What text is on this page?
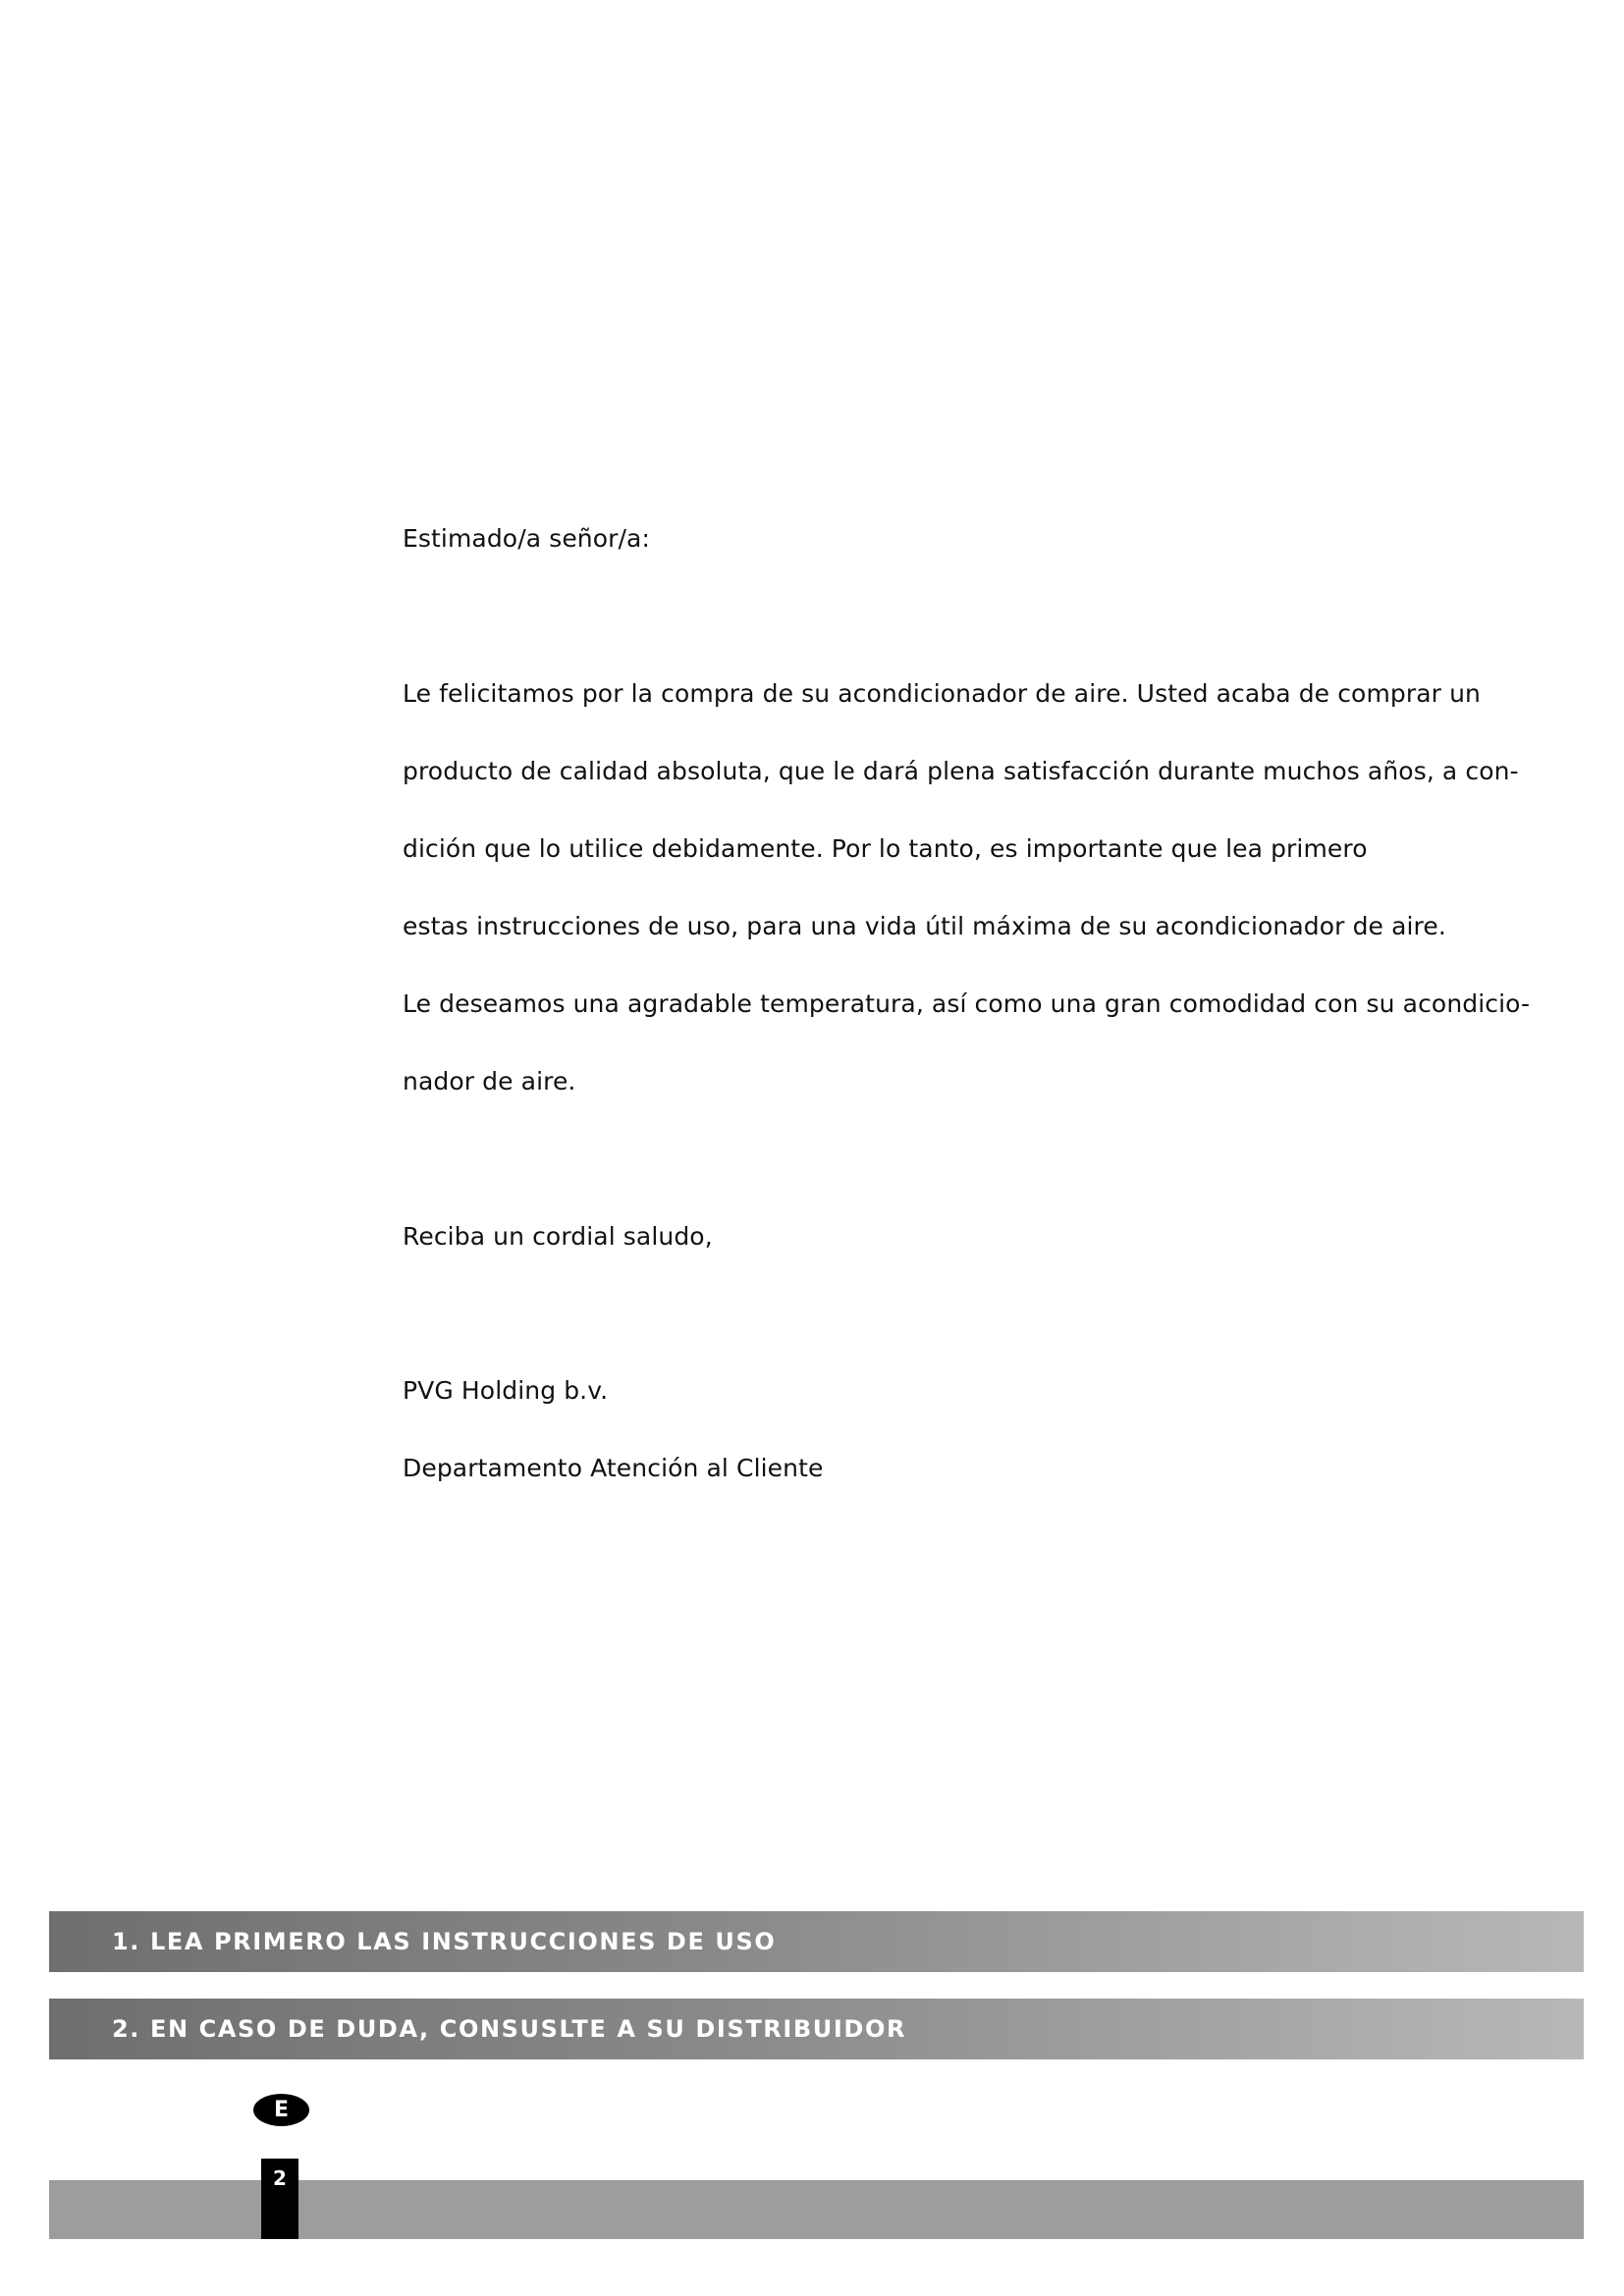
Estimado/a señor/a:
Le felicitamos por la compra de su acondicionador de aire. Usted acaba de comprar un
producto de calidad absoluta, que le dará plena satisfacción durante muchos años, a con-
dición que lo utilice debidamente. Por lo tanto, es importante que lea primero
estas instrucciones de uso, para una vida útil máxima de su acondicionador de aire.
Le deseamos una agradable temperatura, así como una gran comodidad con su acondicio-
nador de aire.
Reciba un cordial saludo,
PVG Holding b.v.
Departamento Atención al Cliente
1. LEA PRIMERO LAS INSTRUCCIONES DE USO
2. EN CASO DE DUDA, CONSUSLTE A SU DISTRIBUIDOR
E
2
